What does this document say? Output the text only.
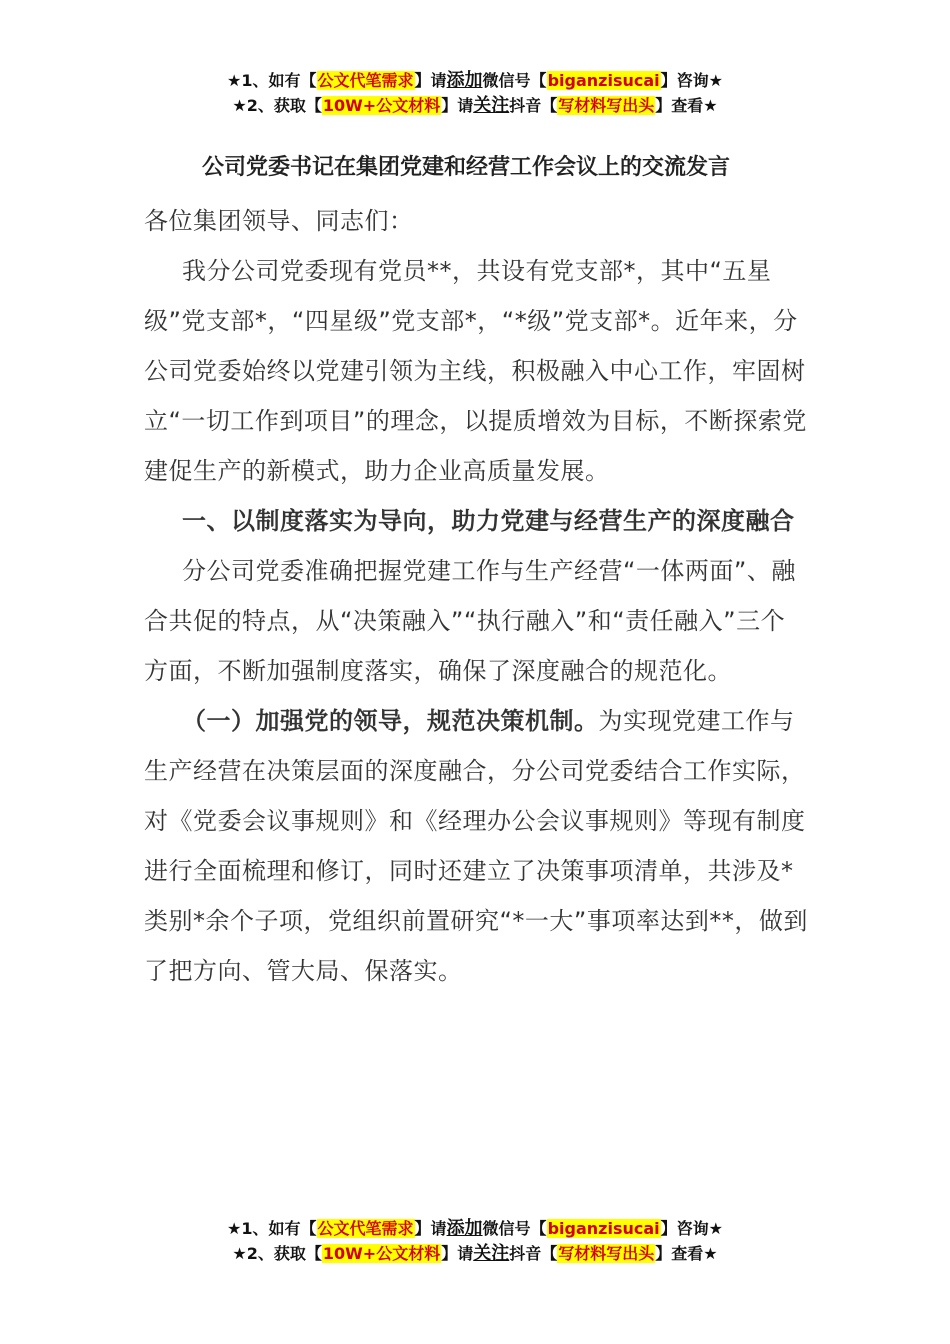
★1、如有【公文代笔需求】请添加微信号【biganzisucai】咨询★
★2、获取【10W+公文材料】请关注抖音【写材料写出头】查看★
公司党委书记在集团党建和经营工作会议上的交流发言

各位集团领导、同志们：

我分公司党委现有党员**，共设有党支部*，其中“五星级”党支部*，“四星级”党支部*，“*级”党支部*。近年来，分公司党委始终以党建引领为主线，积极融入中心工作，牢固树立“一切工作到项目”的理念，以提质增效为目标，不断探索党建促生产的新模式，助力企业高质量发展。

一、以制度落实为导向，助力党建与经营生产的深度融合

分公司党委准确把握党建工作与生产经营“一体两面”、融合共促的特点，从“决策融入”“执行融入”和“责任融入”三个方面，不断加强制度落实，确保了深度融合的规范化。

（一）加强党的领导，规范决策机制。为实现党建工作与生产经营在决策层面的深度融合，分公司党委结合工作实际，对《党委会议事规则》和《经理办公会议事规则》等现有制度进行全面梳理和修订，同时还建立了决策事项清单，共涉及*类别*余个子项，党组织前置研究“*一大”事项率达到**，做到了把方向、管大局、保落实。

★1、如有【公文代笔需求】请添加微信号【biganzisucai】咨询★
★2、获取【10W+公文材料】请关注抖音【写材料写出头】查看★
